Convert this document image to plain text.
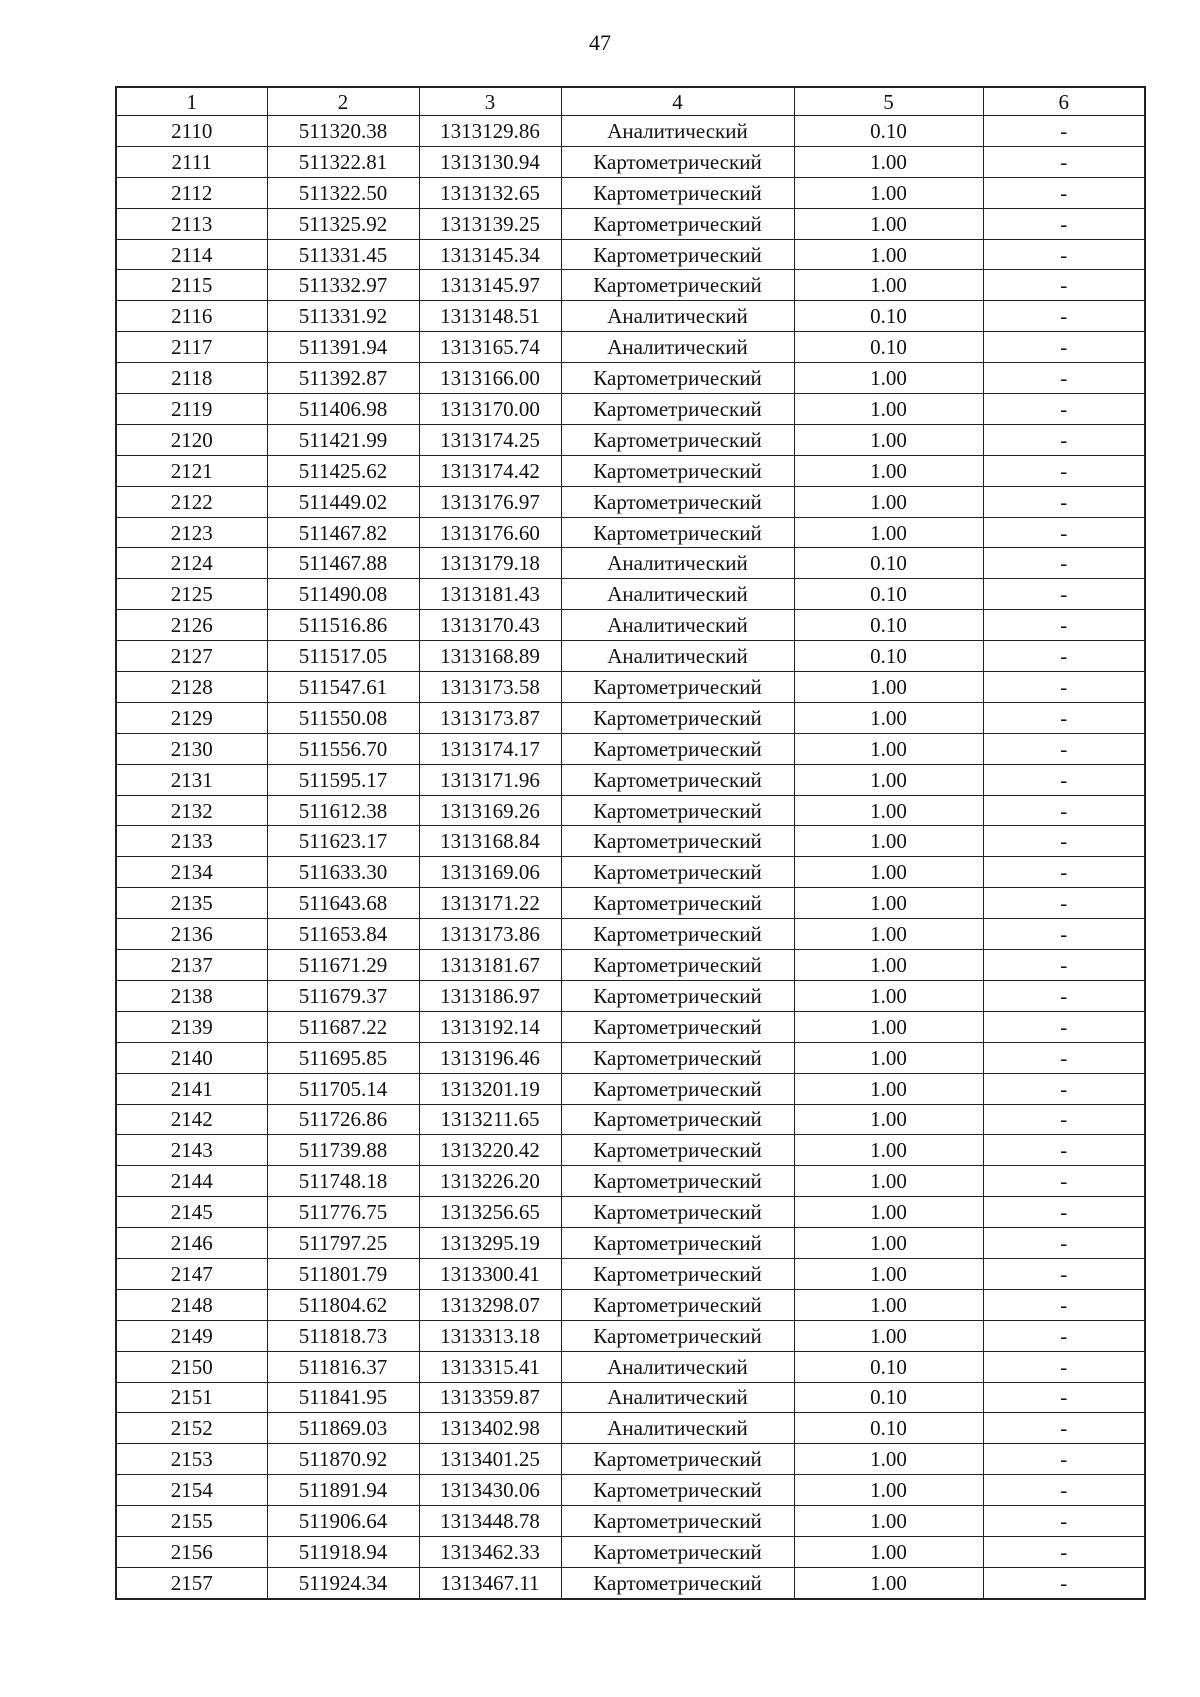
47
1	2	3	4	5	6
2110	511320.38	1313129.86	Аналитический	0.10	-
2111	511322.81	1313130.94	Картометрический	1.00	-
2112	511322.50	1313132.65	Картометрический	1.00	-
2113	511325.92	1313139.25	Картометрический	1.00	-
2114	511331.45	1313145.34	Картометрический	1.00	-
2115	511332.97	1313145.97	Картометрический	1.00	-
2116	511331.92	1313148.51	Аналитический	0.10	-
2117	511391.94	1313165.74	Аналитический	0.10	-
2118	511392.87	1313166.00	Картометрический	1.00	-
2119	511406.98	1313170.00	Картометрический	1.00	-
2120	511421.99	1313174.25	Картометрический	1.00	-
2121	511425.62	1313174.42	Картометрический	1.00	-
2122	511449.02	1313176.97	Картометрический	1.00	-
2123	511467.82	1313176.60	Картометрический	1.00	-
2124	511467.88	1313179.18	Аналитический	0.10	-
2125	511490.08	1313181.43	Аналитический	0.10	-
2126	511516.86	1313170.43	Аналитический	0.10	-
2127	511517.05	1313168.89	Аналитический	0.10	-
2128	511547.61	1313173.58	Картометрический	1.00	-
2129	511550.08	1313173.87	Картометрический	1.00	-
2130	511556.70	1313174.17	Картометрический	1.00	-
2131	511595.17	1313171.96	Картометрический	1.00	-
2132	511612.38	1313169.26	Картометрический	1.00	-
2133	511623.17	1313168.84	Картометрический	1.00	-
2134	511633.30	1313169.06	Картометрический	1.00	-
2135	511643.68	1313171.22	Картометрический	1.00	-
2136	511653.84	1313173.86	Картометрический	1.00	-
2137	511671.29	1313181.67	Картометрический	1.00	-
2138	511679.37	1313186.97	Картометрический	1.00	-
2139	511687.22	1313192.14	Картометрический	1.00	-
2140	511695.85	1313196.46	Картометрический	1.00	-
2141	511705.14	1313201.19	Картометрический	1.00	-
2142	511726.86	1313211.65	Картометрический	1.00	-
2143	511739.88	1313220.42	Картометрический	1.00	-
2144	511748.18	1313226.20	Картометрический	1.00	-
2145	511776.75	1313256.65	Картометрический	1.00	-
2146	511797.25	1313295.19	Картометрический	1.00	-
2147	511801.79	1313300.41	Картометрический	1.00	-
2148	511804.62	1313298.07	Картометрический	1.00	-
2149	511818.73	1313313.18	Картометрический	1.00	-
2150	511816.37	1313315.41	Аналитический	0.10	-
2151	511841.95	1313359.87	Аналитический	0.10	-
2152	511869.03	1313402.98	Аналитический	0.10	-
2153	511870.92	1313401.25	Картометрический	1.00	-
2154	511891.94	1313430.06	Картометрический	1.00	-
2155	511906.64	1313448.78	Картометрический	1.00	-
2156	511918.94	1313462.33	Картометрический	1.00	-
2157	511924.34	1313467.11	Картометрический	1.00	-
